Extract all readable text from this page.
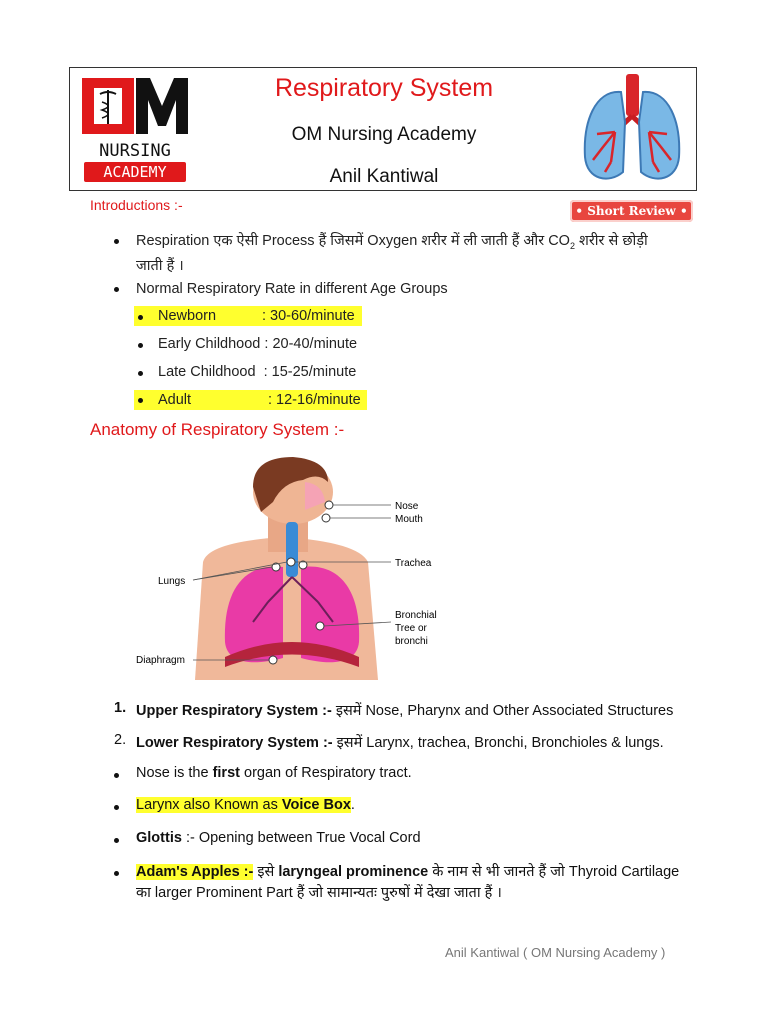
NURSING
ACADEMY
Respiratory System
OM Nursing Academy
Anil Kantiwal
Introductions :-	• Short Review •
Respiration एक ऐसी Process हैं जिसमें Oxygen शरीर में ली जाती हैं और $CO_2$ शरीर से छोड़ी
जाती हैं ।
Normal Respiratory Rate in different Age Groups
Newborn	: 30-60/minute
Early Childhood : 20-40/minute
Late Childhood  : 15-25/minute
Adult	: 12-16/minute
Anatomy of Respiratory System :-
Nose
Mouth
Trachea
Lungs
Bronchial
Tree or
bronchi
Diaphragm
1. Upper Respiratory System :- इसमें Nose, Pharynx and Other Associated Structures
2. Lower Respiratory System :- इसमें Larynx, trachea, Bronchi, Bronchioles & lungs.
Nose is the first organ of Respiratory tract.
Larynx also Known as Voice Box.
Glottis :- Opening between True Vocal Cord
Adam's Apples :- इसे laryngeal prominence के नाम से भी जानते हैं जो Thyroid Cartilage
का larger Prominent Part हैं जो सामान्यतः पुरुषों में देखा जाता हैं ।
Anil Kantiwal ( OM Nursing Academy )
